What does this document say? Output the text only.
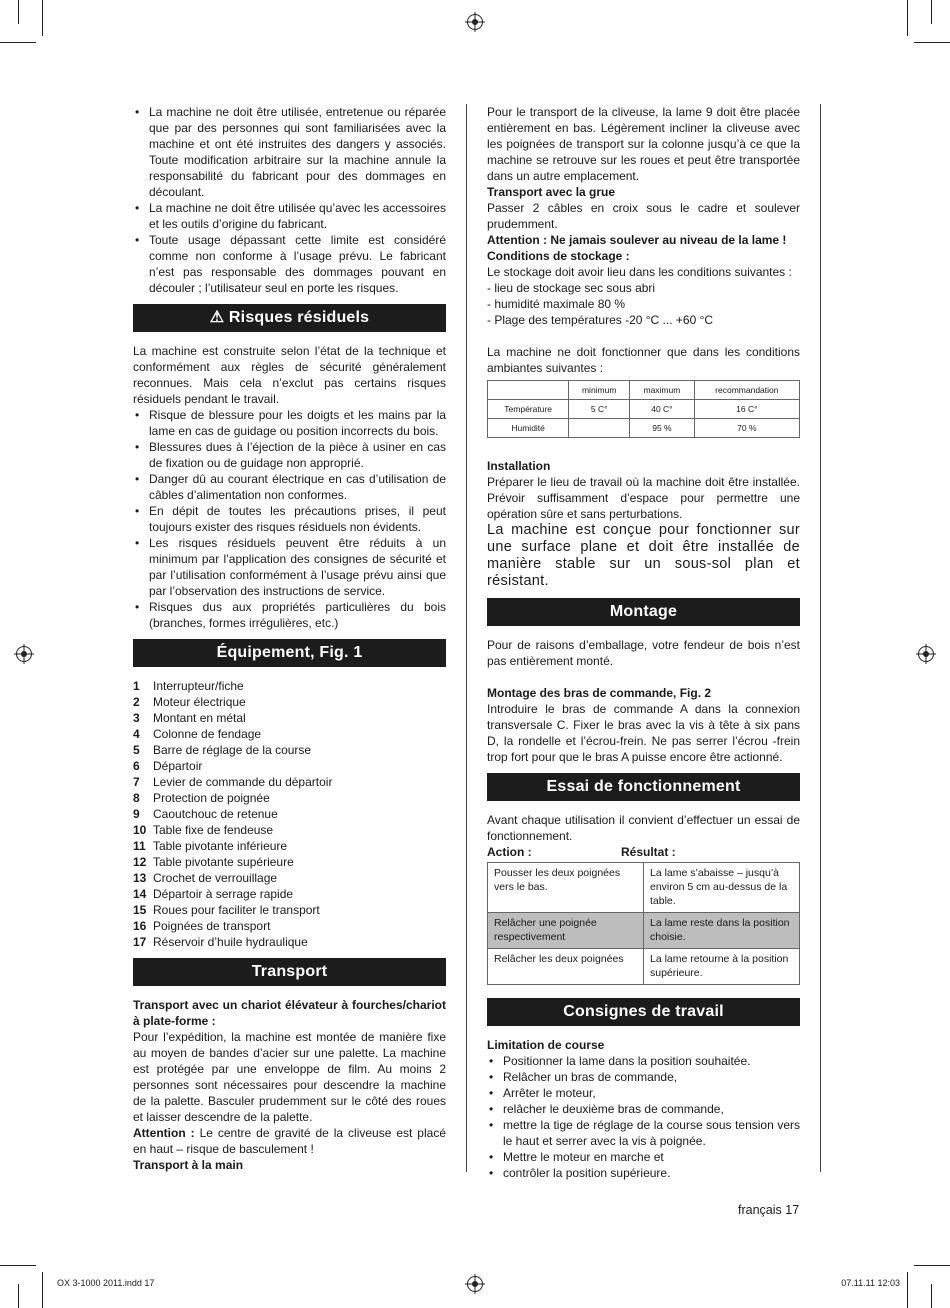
• La machine ne doit être utilisée, entretenue ou réparée que par des personnes qui sont familiarisées avec la machine et ont été instruites des dangers y associés. Toute modification arbitraire sur la machine annule la responsabilité du fabricant pour des dommages en découlant.
• La machine ne doit être utilisée qu’avec les accessoires et les outils d’origine du fabricant.
• Toute usage dépassant cette limite est considéré comme non conforme à l’usage prévu. Le fabricant n’est pas responsable des dommages pouvant en découler ; l’utilisateur seul en porte les risques.
⚠ Risques résiduels

La machine est construite selon l’état de la technique et conformément aux règles de sécurité généralement reconnues. Mais cela n’exclut pas certains risques résiduels pendant le travail.

• Risque de blessure pour les doigts et les mains par la lame en cas de guidage ou position incorrects du bois.
• Blessures dues à l’éjection de la pièce à usiner en cas de fixation ou de guidage non approprié.
• Danger dû au courant électrique en cas d’utilisation de câbles d’alimentation non conformes.
• En dépit de toutes les précautions prises, il peut toujours exister des risques résiduels non évidents.
• Les risques résiduels peuvent être réduits à un minimum par l’application des consignes de sécurité et par l’utilisation conformément à l’usage prévu ainsi que par l’observation des instructions de service.
• Risques dus aux propriétés particulières du bois (branches, formes irrégulières, etc.)
Équipement, Fig. 1
1	Interrupteur/fiche
2	Moteur électrique
3	Montant en métal
4	Colonne de fendage
5	Barre de réglage de la course
6	Départoir
7	Levier de commande du départoir
8	Protection de poignée
9	Caoutchouc de retenue
10 Table fixe de fendeuse
11 Table pivotante inférieure
12 Table pivotante supérieure
13 Crochet de verrouillage
14 Départoir à serrage rapide
15 Roues pour faciliter le transport
16 Poignées de transport
17 Réservoir d’huile hydraulique
Transport

Transport avec un chariot élévateur à fourches/chariot à plate-forme :

Pour l’expédition, la machine est montée de manière fixe au moyen de bandes d’acier sur une palette. La machine est protégée par une enveloppe de film. Au moins 2 personnes sont nécessaires pour descendre la machine de la palette. Basculer prudemment sur le côté des roues et laisser descendre de la palette.

Attention : Le centre de gravité de la cliveuse est placé en haut – risque de basculement !

Transport à la main

Pour le transport de la cliveuse, la lame 9 doit être placée entièrement en bas. Légèrement incliner la cliveuse avec les poignées de transport sur la colonne jusqu’à ce que la machine se retrouve sur les roues et peut être transportée dans un autre emplacement.

Transport avec la grue

Passer 2 câbles en croix sous le cadre et soulever prudemment.

Attention : Ne jamais soulever au niveau de la lame !

Conditions de stockage :

Le stockage doit avoir lieu dans les conditions suivantes :

- lieu de stockage sec sous abri

- humidité maximale 80 %

- Plage des températures -20 °C ... +60 °C

La machine ne doit fonctionner que dans les conditions ambiantes suivantes :

	minimum	maximum	recommandation
Température	5 C°	40 C°	16 C°
Humidité		95 %	70 %

Installation

Préparer le lieu de travail où la machine doit être installée. Prévoir suffisamment d’espace pour permettre une opération sûre et sans perturbations.

La machine est conçue pour fonctionner sur une surface plane et doit être installée de manière stable sur un sous-sol plan et résistant.

Montage

Pour de raisons d’emballage, votre fendeur de bois n’est pas entièrement monté.

Montage des bras de commande, Fig. 2

Introduire le bras de commande A dans la connexion transversale C. Fixer le bras avec la vis à tête à six pans D, la rondelle et l’écrou-frein. Ne pas serrer l’écrou -frein trop fort pour que le bras A puisse encore être actionné.

Essai de fonctionnement

Avant chaque utilisation il convient d’effectuer un essai de fonctionnement.

Action :	Résultat :
Pousser les deux poignées vers le bas.	La lame s’abaisse – jusqu’à environ 5 cm au-dessus de la table.
Relâcher une poignée respectivement	La lame reste dans la position choisie.
Relâcher les deux poignées	La lame retourne à la position supérieure.
Consignes de travail

Limitation de course

• Positionner la lame dans la position souhaitée.
• Relâcher un bras de commande,
• Arrêter le moteur,
• relâcher le deuxième bras de commande,
• mettre la tige de réglage de la course sous tension vers le haut et serrer avec la vis à poignée.
• Mettre le moteur en marche et
• contrôler la position supérieure.
français 17
OX 3-1000 2011.indd 17	07.11.11 12:03
